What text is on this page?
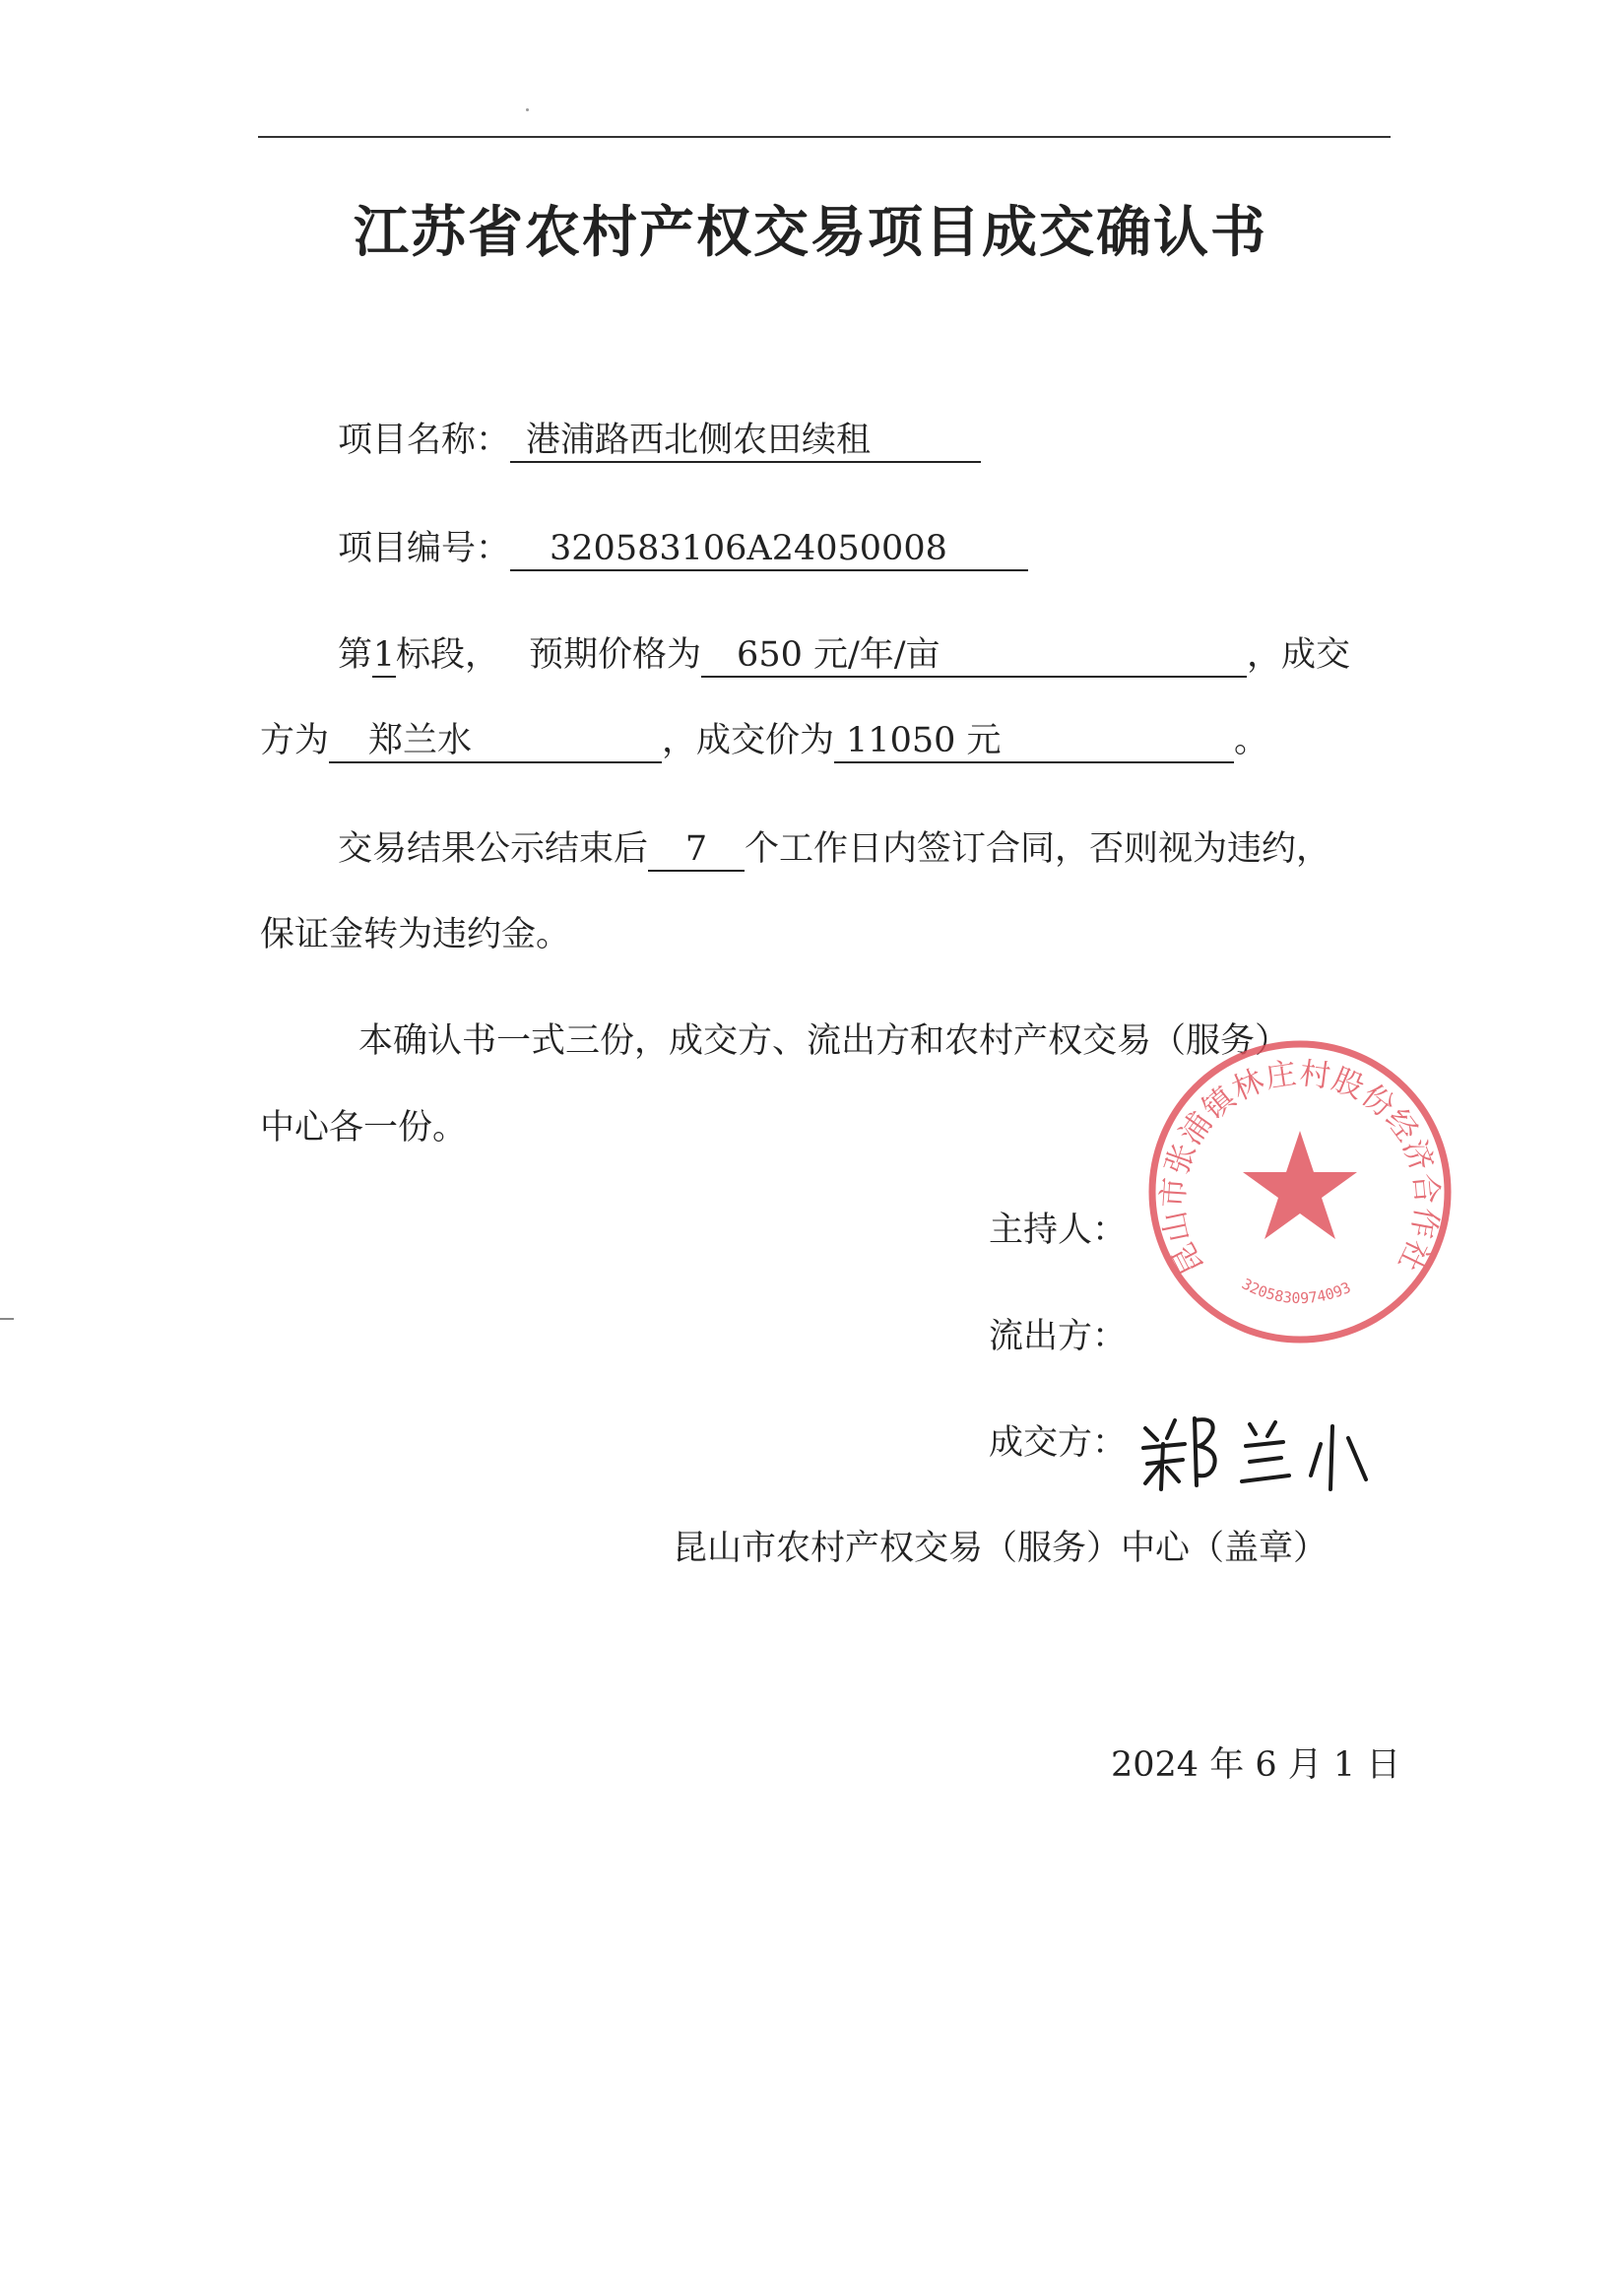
江苏省农村产权交易项目成交确认书
项目名称： 港浦路西北侧农田续租
项目编号： 320583106A24050008
第1标段， 预期价格为 650 元/年/亩	，成交
方为 郑兰水	，成交价为 11050 元	。
交易结果公示结束后 7 个工作日内签订合同，否则视为违约，
保证金转为违约金。
本确认书一式三份，成交方、流出方和农村产权交易（服务）
中心各一份。
主持人：
流出方：
成交方：
昆山市张浦镇林庄村股份经济合作社
3205830974093
昆山市农村产权交易（服务）中心（盖章）
2024 年 6 月 1 日
